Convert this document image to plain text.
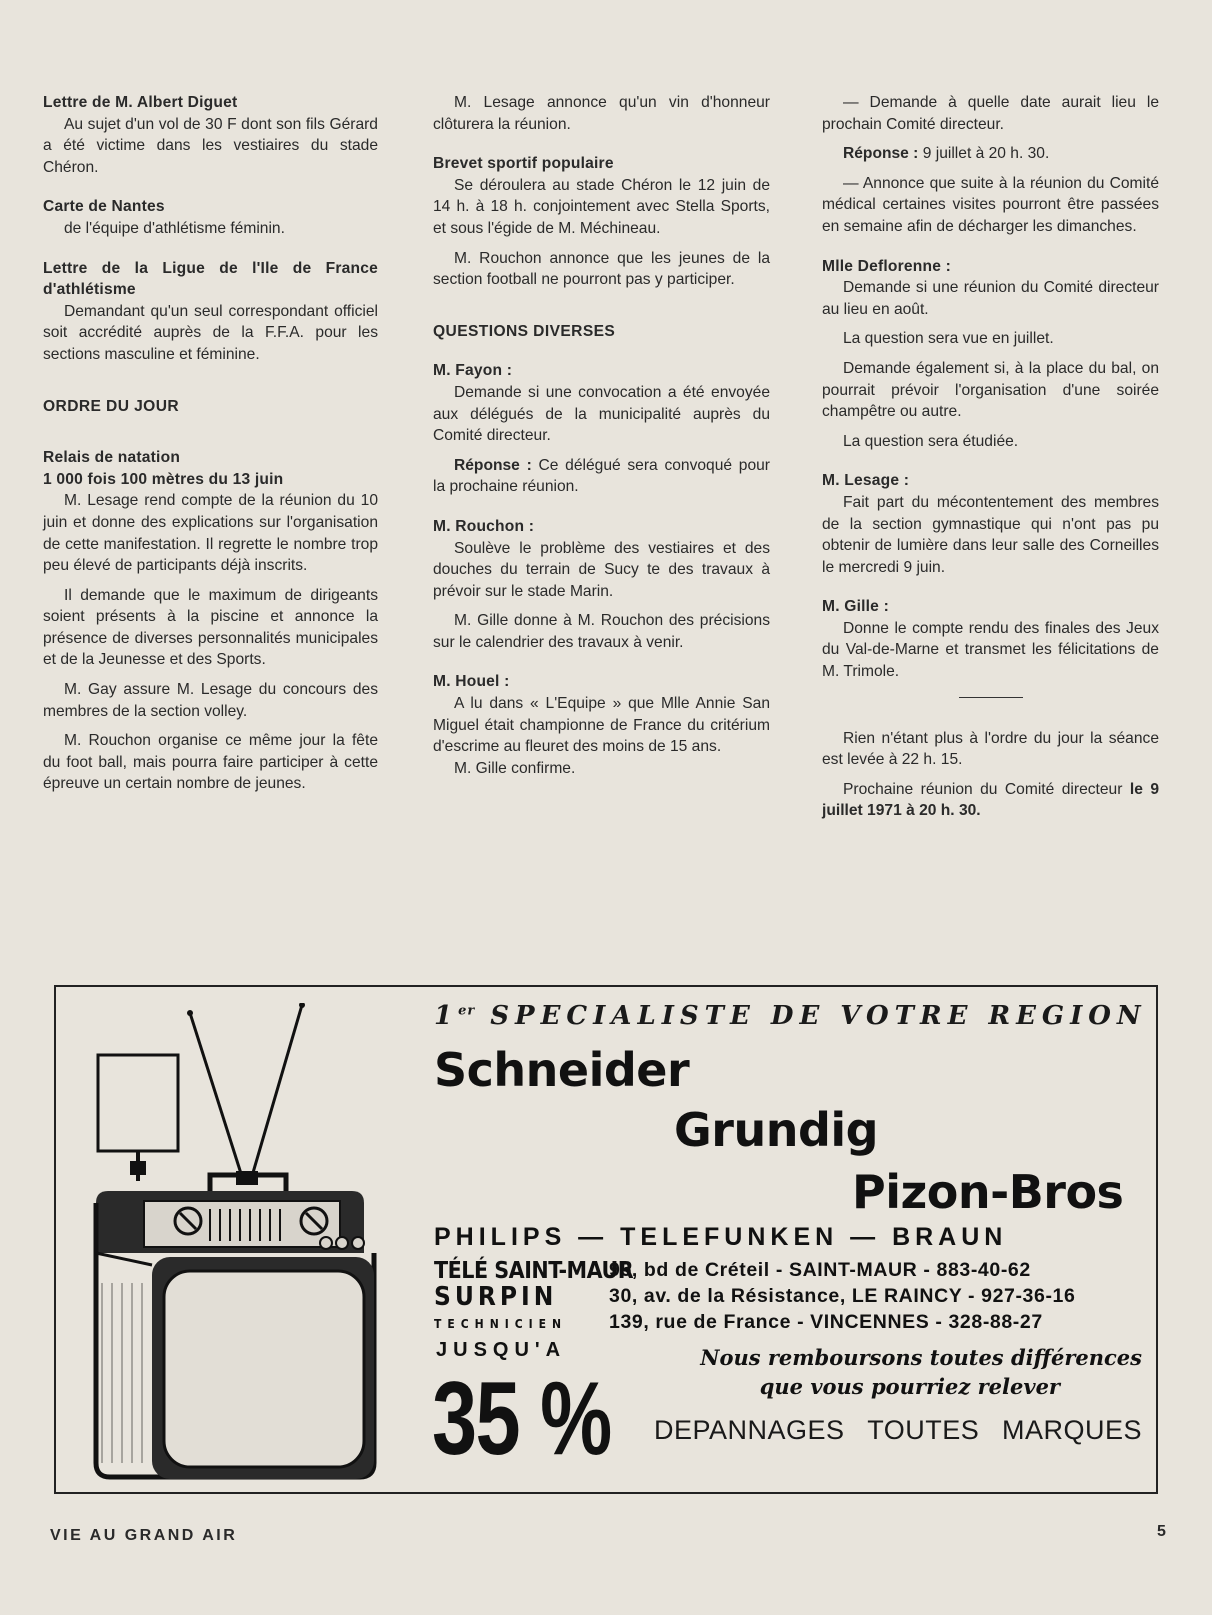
Lettre de M. Albert Diguet

Au sujet d'un vol de 30 F dont son fils Gérard a été victime dans les vestiaires du stade Chéron.

Carte de Nantes

de l'équipe d'athlétisme féminin.

Lettre de la Ligue de l'Ile de France d'athlétisme

Demandant qu'un seul correspondant officiel soit accrédité auprès de la F.F.A. pour les sections masculine et féminine.

ORDRE DU JOUR

Relais de natation

1 000 fois 100 mètres du 13 juin

M. Lesage rend compte de la réunion du 10 juin et donne des explications sur l'organisation de cette manifestation. Il regrette le nombre trop peu élevé de participants déjà inscrits.

Il demande que le maximum de dirigeants soient présents à la piscine et annonce la présence de diverses personnalités municipales et de la Jeunesse et des Sports.

M. Gay assure M. Lesage du concours des membres de la section volley.

M. Rouchon organise ce même jour la fête du foot ball, mais pourra faire participer à cette épreuve un certain nombre de jeunes.

M. Lesage annonce qu'un vin d'honneur clôturera la réunion.

Brevet sportif populaire

Se déroulera au stade Chéron le 12 juin de 14 h. à 18 h. conjointement avec Stella Sports, et sous l'égide de M. Méchineau.

M. Rouchon annonce que les jeunes de la section football ne pourront pas y participer.

QUESTIONS DIVERSES

M. Fayon :

Demande si une convocation a été envoyée aux délégués de la municipalité auprès du Comité directeur.

Réponse : Ce délégué sera convoqué pour la prochaine réunion.

M. Rouchon :

Soulève le problème des vestiaires et des douches du terrain de Sucy te des travaux à prévoir sur le stade Marin.

M. Gille donne à M. Rouchon des précisions sur le calendrier des travaux à venir.

M. Houel :

A lu dans « L'Equipe » que Mlle Annie San Miguel était championne de France du critérium d'escrime au fleuret des moins de 15 ans.

M. Gille confirme.

— Demande à quelle date aurait lieu le prochain Comité directeur.

Réponse : 9 juillet à 20 h. 30.

— Annonce que suite à la réunion du Comité médical certaines visites pourront être passées en semaine afin de décharger les dimanches.

Mlle Deflorenne :

Demande si une réunion du Comité directeur au lieu en août.

La question sera vue en juillet.

Demande également si, à la place du bal, on pourrait prévoir l'organisation d'une soirée champêtre ou autre.

La question sera étudiée.

M. Lesage :

Fait part du mécontentement des membres de la section gymnastique qui n'ont pas pu obtenir de lumière dans leur salle des Corneilles le mercredi 9 juin.

M. Gille :

Donne le compte rendu des finales des Jeux du Val-de-Marne et transmet les félicitations de M. Trimole.

Rien n'étant plus à l'ordre du jour la séance est levée à 22 h. 15.

Prochaine réunion du Comité directeur le 9 juillet 1971 à 20 h. 30.

1er SPECIALISTE DE VOTRE REGION
Schneider
Grundig
Pizon-Bros
PHILIPS — TELEFUNKEN — BRAUN
TÉLÉ SAINT-MAUR
95, bd de Créteil - SAINT-MAUR - 883-40-62
SURPIN	30, av. de la Résistance, LE RAINCY - 927-36-16
TECHNICIEN 139, rue de France - VINCENNES - 328-88-27
JUSQU'A
35 %
Nous remboursons toutes différences
que vous pourriez relever
DEPANNAGES TOUTES MARQUES
VIE AU GRAND AIR	5
